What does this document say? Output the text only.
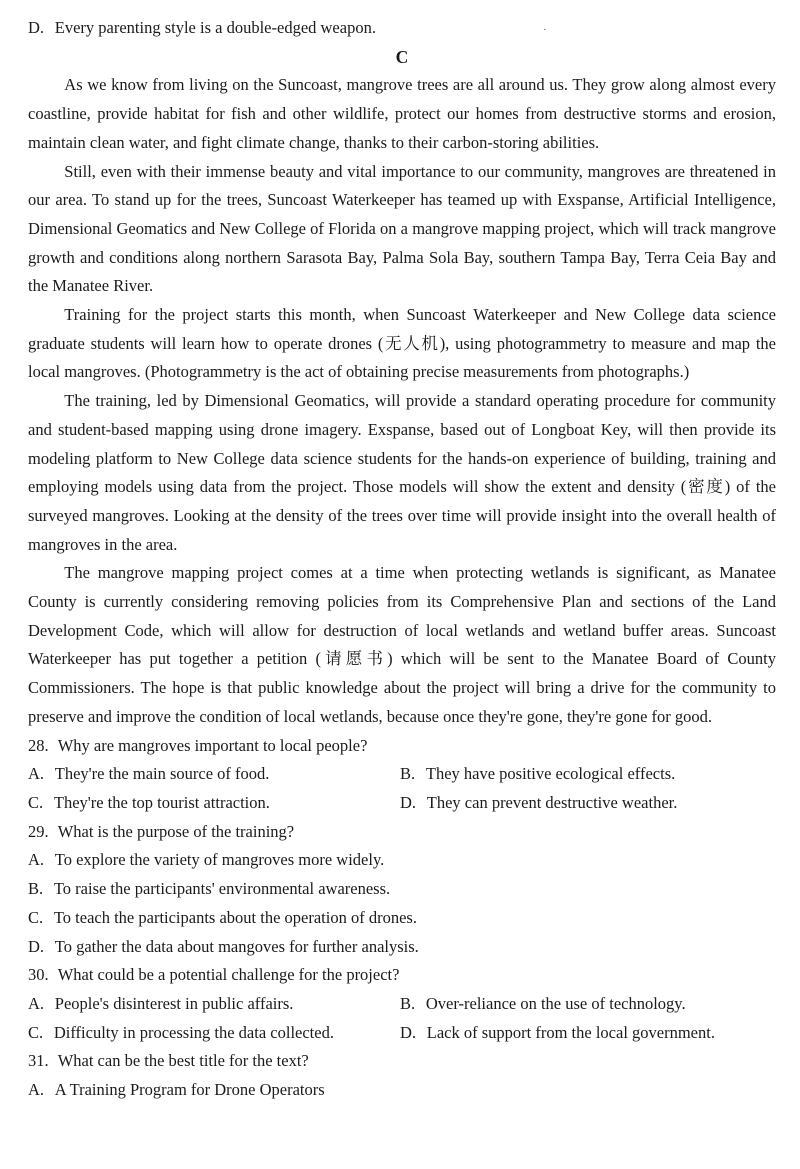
·
D. Every parenting style is a double-edged weapon.
C

As we know from living on the Suncoast, mangrove trees are all around us. They grow along almost every coastline, provide habitat for fish and other wildlife, protect our homes from destructive storms and erosion, maintain clean water, and fight climate change, thanks to their carbon-storing abilities.

Still, even with their immense beauty and vital importance to our community, mangroves are threatened in our area. To stand up for the trees, Suncoast Waterkeeper has teamed up with Exspanse, Artificial Intelligence, Dimensional Geomatics and New College of Florida on a mangrove mapping project, which will track mangrove growth and conditions along northern Sarasota Bay, Palma Sola Bay, southern Tampa Bay, Terra Ceia Bay and the Manatee River.

Training for the project starts this month, when Suncoast Waterkeeper and New College data science graduate students will learn how to operate drones (无人机), using photogrammetry to measure and map the local mangroves. (Photogrammetry is the act of obtaining precise measurements from photographs.)

The training, led by Dimensional Geomatics, will provide a standard operating procedure for community and student-based mapping using drone imagery. Exspanse, based out of Longboat Key, will then provide its modeling platform to New College data science students for the hands-on experience of building, training and employing models using data from the project. Those models will show the extent and density (密度) of the surveyed mangroves. Looking at the density of the trees over time will provide insight into the overall health of mangroves in the area.

The mangrove mapping project comes at a time when protecting wetlands is significant, as Manatee County is currently considering removing policies from its Comprehensive Plan and sections of the Land Development Code, which will allow for destruction of local wetlands and wetland buffer areas. Suncoast Waterkeeper has put together a petition (请愿书) which will be sent to the Manatee Board of County Commissioners. The hope is that public knowledge about the project will bring a drive for the community to preserve and improve the condition of local wetlands, because once they're gone, they're gone for good.

28. Why are mangroves important to local people?
A. They're the main source of food.	B. They have positive ecological effects.
C. They're the top tourist attraction.	D. They can prevent destructive weather.
29. What is the purpose of the training?
A. To explore the variety of mangroves more widely.
B. To raise the participants' environmental awareness.
C. To teach the participants about the operation of drones.
D. To gather the data about mangoves for further analysis.
30. What could be a potential challenge for the project?
A. People's disinterest in public affairs.	B. Over-reliance on the use of technology.
C. Difficulty in processing the data collected.	D. Lack of support from the local government.
31. What can be the best title for the text?
A. A Training Program for Drone Operators
